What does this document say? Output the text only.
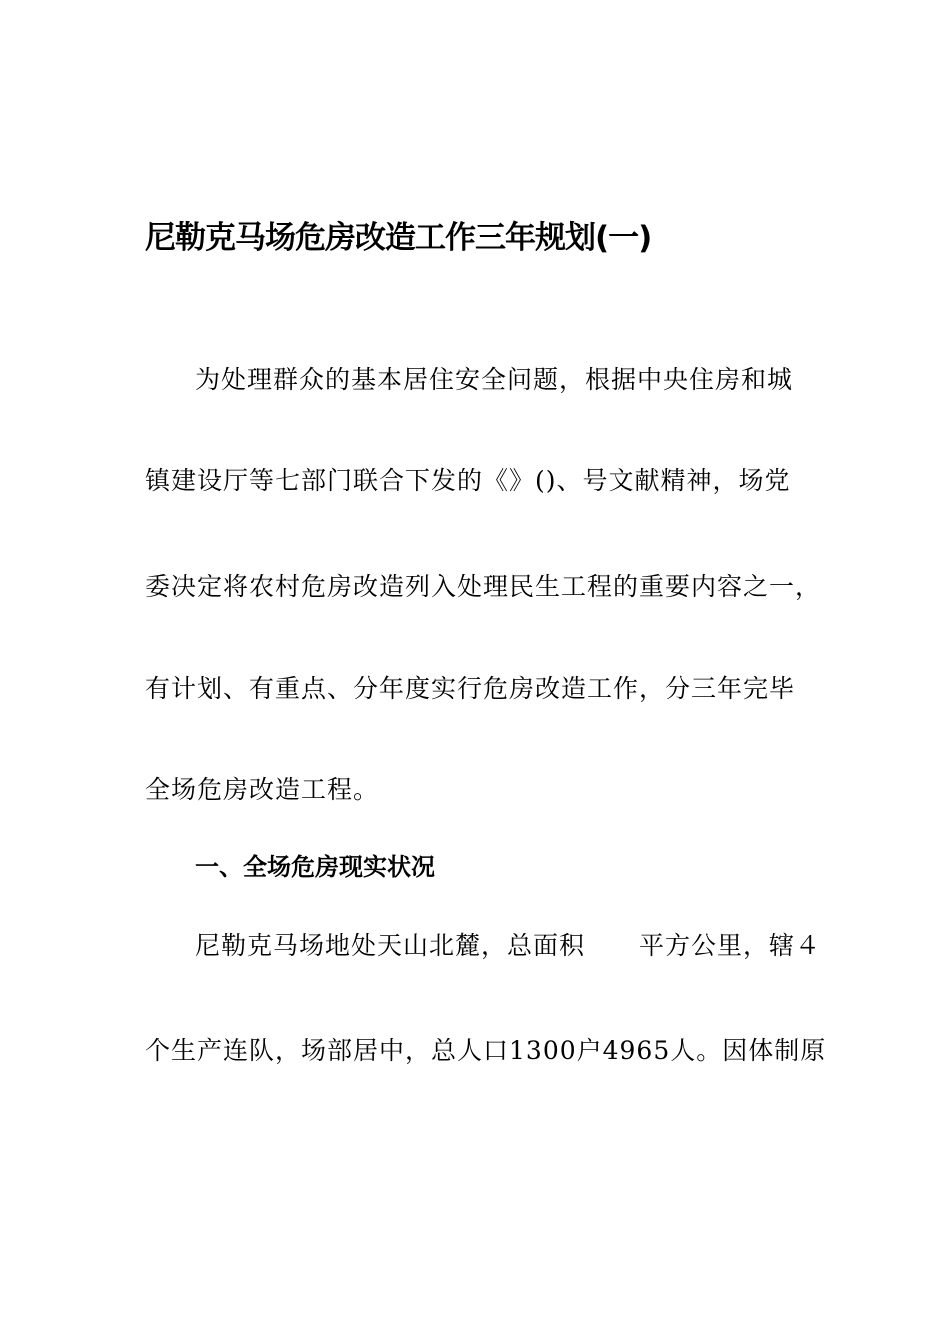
尼勒克马场危房改造工作三年规划(一)

为处理群众的基本居住安全问题，根据中央住房和城

镇建设厅等七部门联合下发的《》()、号文献精神，场党

委决定将农村危房改造列入处理民生工程的重要内容之一，

有计划、有重点、分年度实行危房改造工作，分三年完毕

全场危房改造工程。

一、全场危房现实状况

尼勒克马场地处天山北麓，总面积 平方公里，辖４

个生产连队，场部居中，总人口1300户4965人。因体制原
